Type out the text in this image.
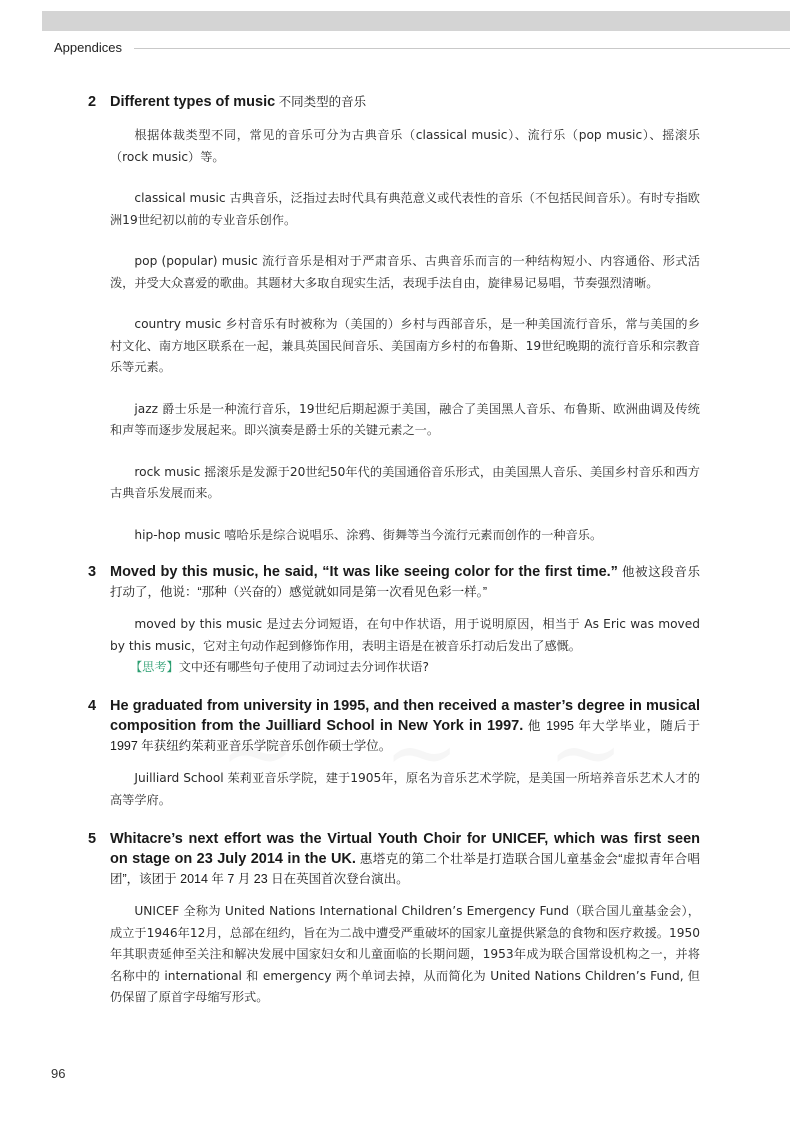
Appendices
2 Different types of music 不同类型的音乐

根据体裁类型不同，常见的音乐可分为古典音乐（classical music）、流行乐（pop music）、摇滚乐（rock music）等。

classical music 古典音乐，泛指过去时代具有典范意义或代表性的音乐（不包括民间音乐）。有时专指欧洲19世纪初以前的专业音乐创作。

pop (popular) music 流行音乐是相对于严肃音乐、古典音乐而言的一种结构短小、内容通俗、形式活泼，并受大众喜爱的歌曲。其题材大多取自现实生活，表现手法自由，旋律易记易唱，节奏强烈清晰。

country music 乡村音乐有时被称为（美国的）乡村与西部音乐，是一种美国流行音乐，常与美国的乡村文化、南方地区联系在一起，兼具英国民间音乐、美国南方乡村的布鲁斯、19世纪晚期的流行音乐和宗教音乐等元素。

jazz 爵士乐是一种流行音乐，19世纪后期起源于美国，融合了美国黑人音乐、布鲁斯、欧洲曲调及传统和声等而逐步发展起来。即兴演奏是爵士乐的关键元素之一。

rock music 摇滚乐是发源于20世纪50年代的美国通俗音乐形式，由美国黑人音乐、美国乡村音乐和西方古典音乐发展而来。

hip-hop music 嘻哈乐是综合说唱乐、涂鸦、街舞等当今流行元素而创作的一种音乐。

3 Moved by this music, he said, “It was like seeing color for the first time.” 他被这段音乐打动了，他说：“那种（兴奋的）感觉就如同是第一次看见色彩一样。”

moved by this music 是过去分词短语，在句中作状语，用于说明原因，相当于 As Eric was moved by this music，它对主句动作起到修饰作用，表明主语是在被音乐打动后发出了感慨。

【思考】文中还有哪些句子使用了动词过去分词作状语?
4 He graduated from university in 1995, and then received a master’s degree in musical composition from the Juilliard School in New York in 1997. 他 1995 年大学毕业，随后于 1997 年获纽约茱莉亚音乐学院音乐创作硕士学位。

Juilliard School 茱莉亚音乐学院，建于1905年，原名为音乐艺术学院，是美国一所培养音乐艺术人才的高等学府。

5 Whitacre’s next effort was the Virtual Youth Choir for UNICEF, which was first seen on stage on 23 July 2014 in the UK. 惠塔克的第二个壮举是打造联合国儿童基金会“虚拟青年合唱团”，该团于 2014 年 7 月 23 日在英国首次登台演出。

UNICEF 全称为 United Nations International Children’s Emergency Fund（联合国儿童基金会），成立于1946年12月，总部在纽约，旨在为二战中遭受严重破坏的国家儿童提供紧急的食物和医疗救援。1950年其职责延伸至关注和解决发展中国家妇女和儿童面临的长期问题，1953年成为联合国常设机构之一，并将名称中的 international 和 emergency 两个单词去掉，从而简化为 United Nations Children’s Fund, 但仍保留了原首字母缩写形式。

96
